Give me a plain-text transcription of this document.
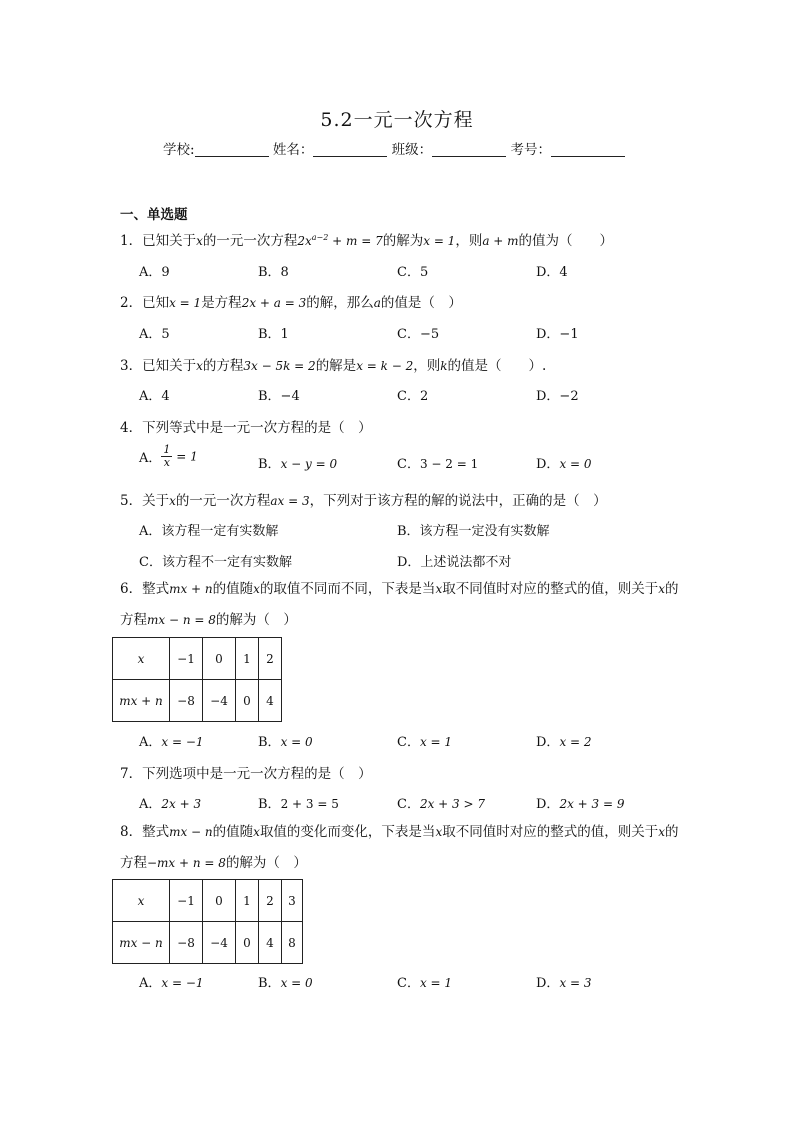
5.2一元一次方程
学校:	姓名：	班级：	考号：
一、单选题
1．已知关于x的一元一次方程$2x^{a-2} + m = 7$的解为x = 1，则a + m的值为（　　）
A．9	B．8	C．5	D．4
2．已知x = 1是方程2x + a = 3的解，那么a的值是（　）
A．5	B．1	C．−5	D．−1
3．已知关于x的方程3x − 5k = 2的解是x = k − 2，则k的值是（　　）.
A．4	B．−4	C．2	D．−2
4．下列等式中是一元一次方程的是（　）
A． $\frac{1}{x} = 1$
B．x − y = 0	C．3 − 2 = 1	D．x = 0
5．关于x的一元一次方程ax = 3，下列对于该方程的解的说法中，正确的是（　）
A．该方程一定有实数解	B．该方程一定没有实数解
C．该方程不一定有实数解	D．上述说法都不对
6．整式mx + n的值随x的取值不同而不同，下表是当x取不同值时对应的整式的值，则关于x的方程mx − n = 8的解为（　）
x	−1	0	1	2
mx + n	−8	−4	0	4
A．x = −1	B．x = 0	C．x = 1	D．x = 2
7．下列选项中是一元一次方程的是（　）
A．2x + 3	B．2 + 3 = 5	C．2x + 3 > 7	D．2x + 3 = 9
8．整式mx − n的值随x取值的变化而变化，下表是当x取不同值时对应的整式的值，则关于x的方程−mx + n = 8的解为（　）
x	−1	0	1	2	3
mx − n	−8	−4	0	4	8
A．x = −1	B．x = 0	C．x = 1	D．x = 3
